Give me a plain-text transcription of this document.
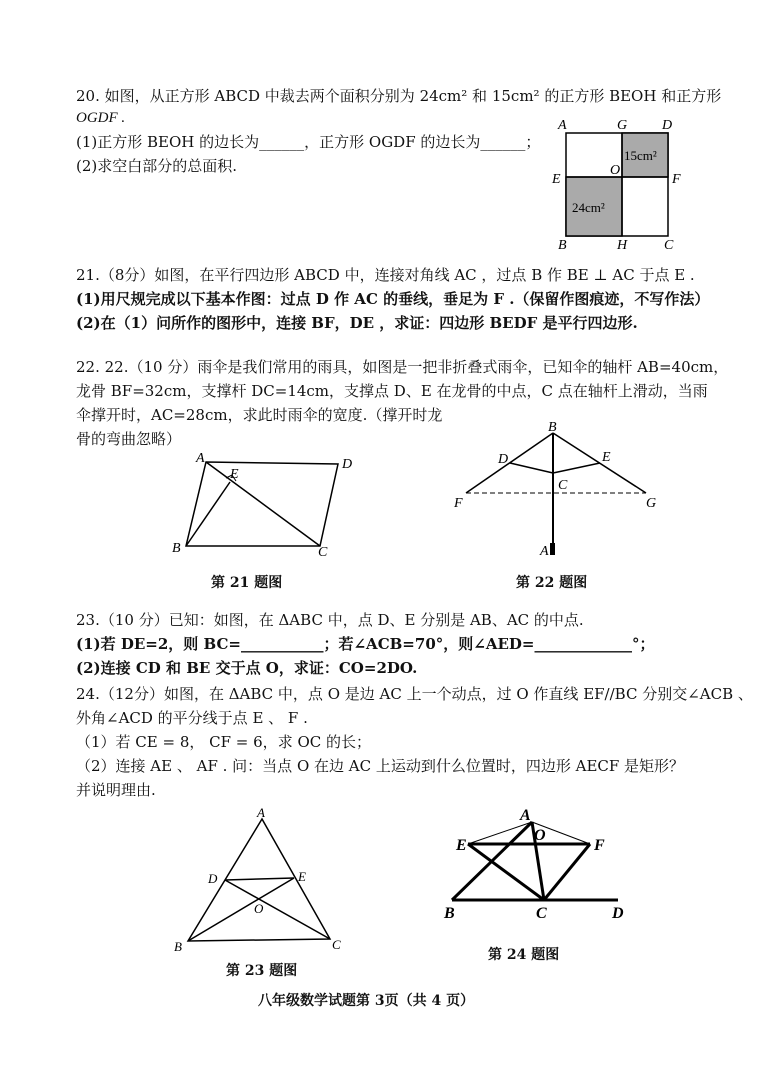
20. 如图，从正方形 ABCD 中裁去两个面积分别为 24cm² 和 15cm² 的正方形 BEOH 和正方形
OGDF .
(1)正方形 BEOH 的边长为______，正方形 OGDF 的边长为______；
(2)求空白部分的总面积.
A	G D
E
O
F
B	H	C
15cm²
24cm²
21.（8分）如图，在平行四边形 ABCD 中，连接对角线 AC ，过点 B 作 BE ⊥ AC 于点 E .
(1)用尺规完成以下基本作图：过点 D 作 AC 的垂线，垂足为 F .（保留作图痕迹，不写作法）
(2)在（1）问所作的图形中，连接 BF，DE ，求证：四边形 BEDF 是平行四边形.
22. 22.（10 分）雨伞是我们常用的雨具，如图是一把非折叠式雨伞，已知伞的轴杆 AB=40cm，
龙骨 BF=32cm，支撑杆 DC=14cm，支撑点 D、E 在龙骨的中点，C 点在轴杆上滑动，当雨
伞撑开时，AC=28cm，求此时雨伞的宽度.（撑开时龙
骨的弯曲忽略）
A
E
D
B	C
第 21 题图
B
D	E
C
F	G
A
第 22 题图
23.（10 分）已知：如图，在 ΔABC 中，点 D、E 分别是 AB、AC 的中点.
(1)若 DE=2，则 BC=___________；若∠ACB=70°，则∠AED=_____________°；
(2)连接 CD 和 BE 交于点 O，求证：CO=2DO.
24.（12分）如图，在 ΔABC 中，点 O 是边 AC 上一个动点，过 O 作直线 EF//BC 分别交∠ACB 、
外角∠ACD 的平分线于点 E 、 F .
（1）若 CE = 8， CF = 6，求 OC 的长；
（2）连接 AE 、 AF . 问：当点 O 在边 AC 上运动到什么位置时，四边形 AECF 是矩形？
并说明理由.
A
D	E
O
B	C
第 23 题图
A
O
E	F
B	C	D
第 24 题图
八年级数学试题第 3页（共 4 页）
